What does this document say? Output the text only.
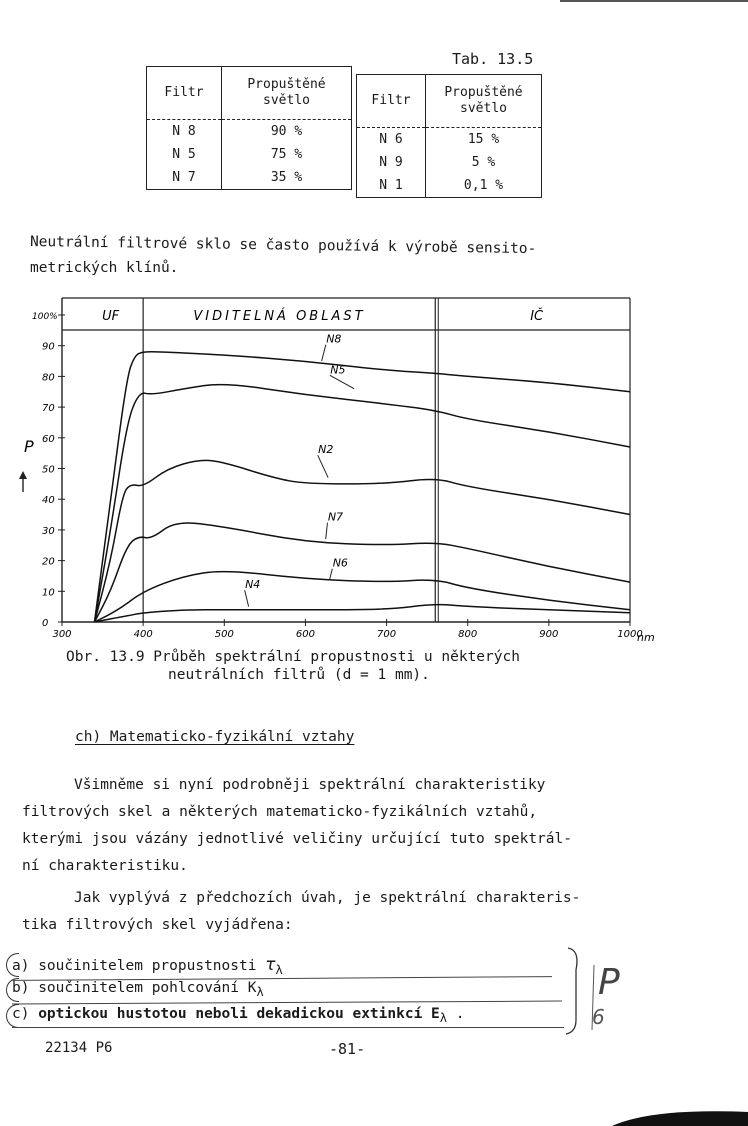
Tab. 13.5
Filtr	Propuštěné
světlo

N 8	90 %
N 5	75 %
N 7	35 %
Filtr	Propuštěné
světlo

N 6	15 %
N 9	5 %
N 1	0,1 %
Neutrální filtrové sklo se často používá k výrobě sensito-
metrických klínů.
UF	VIDITELNÁ OBLAST	IČ
N8
N5
N2
N7
N6
N4
0
10
20
30
40
50
60
70
80
90
100%
300	400	500	600	700	800	900	1000
P
nm
Obr. 13.9 Průběh spektrální propustnosti u některých
neutrálních filtrů (d = 1 mm).
ch) Matematicko-fyzikální vztahy
Všimněme si nyní podrobněji spektrální charakteristiky
filtrových skel a některých matematicko-fyzikálních vztahů,
kterými jsou vázány jednotlivé veličiny určující tuto spektrál-
ní charakteristiku.
Jak vyplývá z předchozích úvah, je spektrální charakteris-
tika filtrových skel vyjádřena:
a) součinitelem propustnosti $\tau_\lambda$
b) součinitelem pohlcování $K_\lambda$
c) optickou hustotou neboli dekadickou extinkcí $E_\lambda$ .
P
6
22134 P6	-81-
